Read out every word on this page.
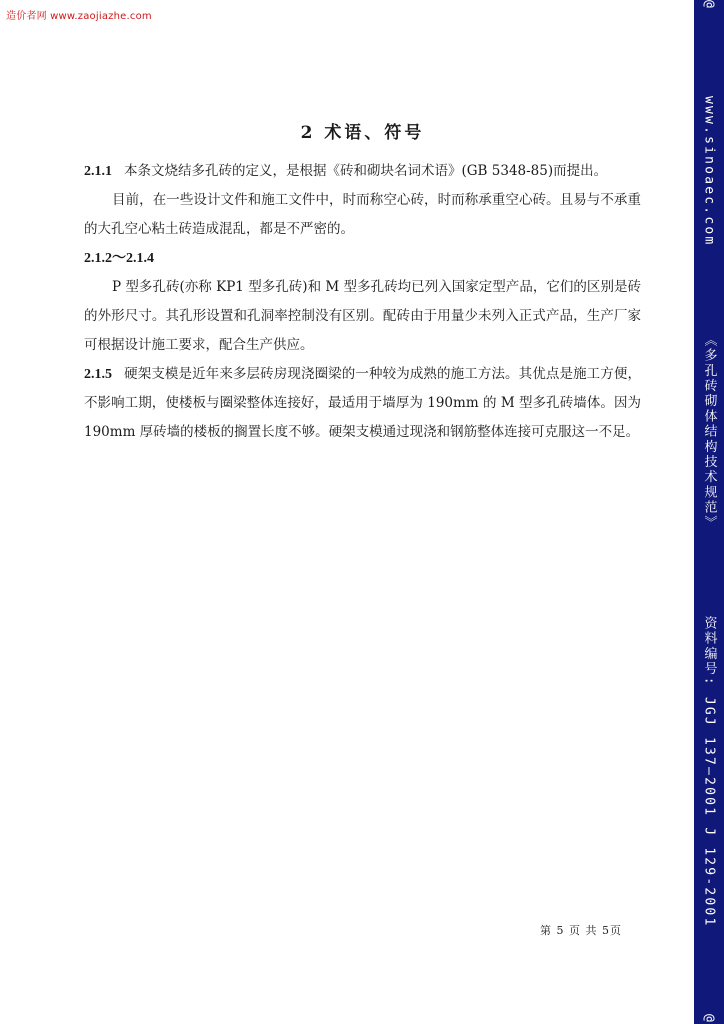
造价者网 www.zaojiazhe.com
@
www.sinoaec.com
《多孔砖砌体结构技术规范》
资料编号: JGJ 137—2001 J 129-2001
@
2 术语、符号

2.1.1 本条文烧结多孔砖的定义，是根据《砖和砌块名词术语》(GB 5348-85)而提出。

目前，在一些设计文件和施工文件中，时而称空心砖，时而称承重空心砖。且易与不承重的大孔空心粘土砖造成混乱，都是不严密的。

2.1.2～2.1.4

P 型多孔砖(亦称 KP1 型多孔砖)和 M 型多孔砖均已列入国家定型产品，它们的区别是砖的外形尺寸。其孔形设置和孔洞率控制没有区别。配砖由于用量少未列入正式产品，生产厂家可根据设计施工要求，配合生产供应。

2.1.5 硬架支模是近年来多层砖房现浇圈梁的一种较为成熟的施工方法。其优点是施工方便，不影响工期，使楼板与圈梁整体连接好，最适用于墙厚为 190mm 的 M 型多孔砖墙体。因为 190mm 厚砖墙的楼板的搁置长度不够。硬架支模通过现浇和钢筋整体连接可克服这一不足。

第 5 页 共 5页
